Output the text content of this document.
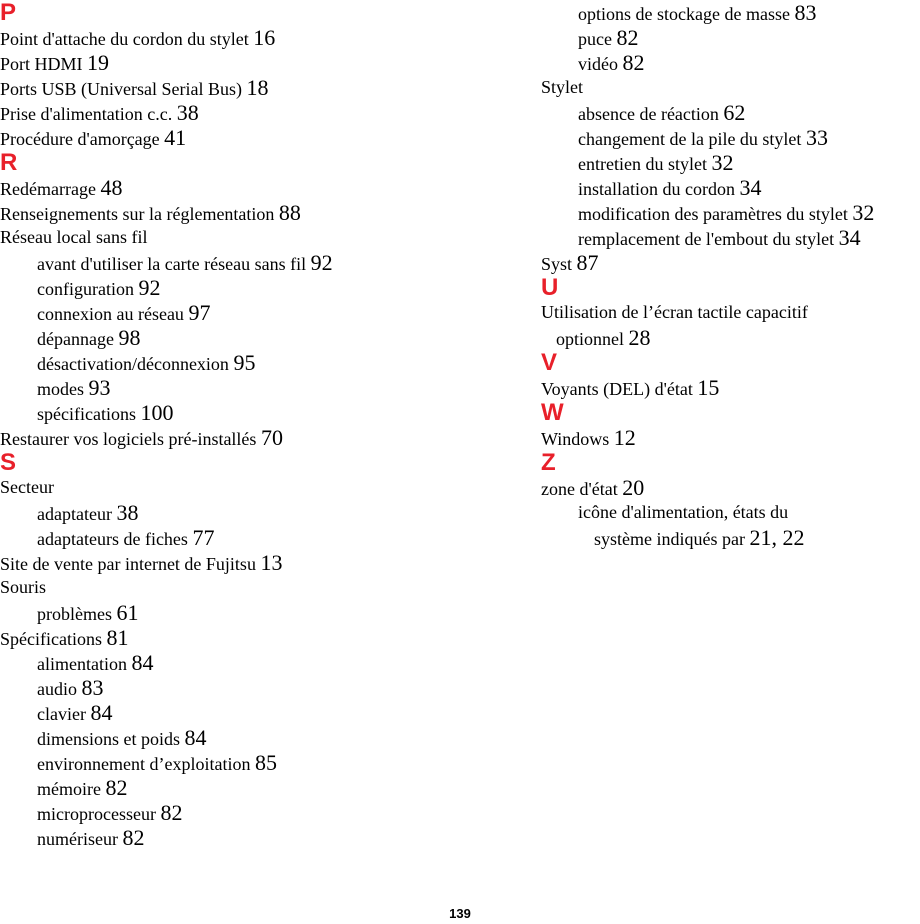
P
Point d'attache du cordon du stylet 16
Port HDMI 19
Ports USB (Universal Serial Bus) 18
Prise d'alimentation c.c. 38
Procédure d'amorçage 41
R
Redémarrage 48
Renseignements sur la réglementation 88
Réseau local sans fil
avant d'utiliser la carte réseau sans fil 92
configuration 92
connexion au réseau 97
dépannage 98
désactivation/déconnexion 95
modes 93
spécifications 100
Restaurer vos logiciels pré-installés 70
S
Secteur
adaptateur 38
adaptateurs de fiches 77
Site de vente par internet de Fujitsu 13
Souris
problèmes 61
Spécifications 81
alimentation 84
audio 83
clavier 84
dimensions et poids 84
environnement d’exploitation 85
mémoire 82
microprocesseur 82
numériseur 82
options de stockage de masse 83
puce 82
vidéo 82
Stylet
absence de réaction 62
changement de la pile du stylet 33
entretien du stylet 32
installation du cordon 34
modification des paramètres du stylet 32
remplacement de l'embout du stylet 34
Syst 87
U
Utilisation de l’écran tactile capacitif
optionnel 28
V
Voyants (DEL) d'état 15
W
Windows 12
Z
zone d'état 20
icône d'alimentation, états du
système indiqués par 21, 22
139
